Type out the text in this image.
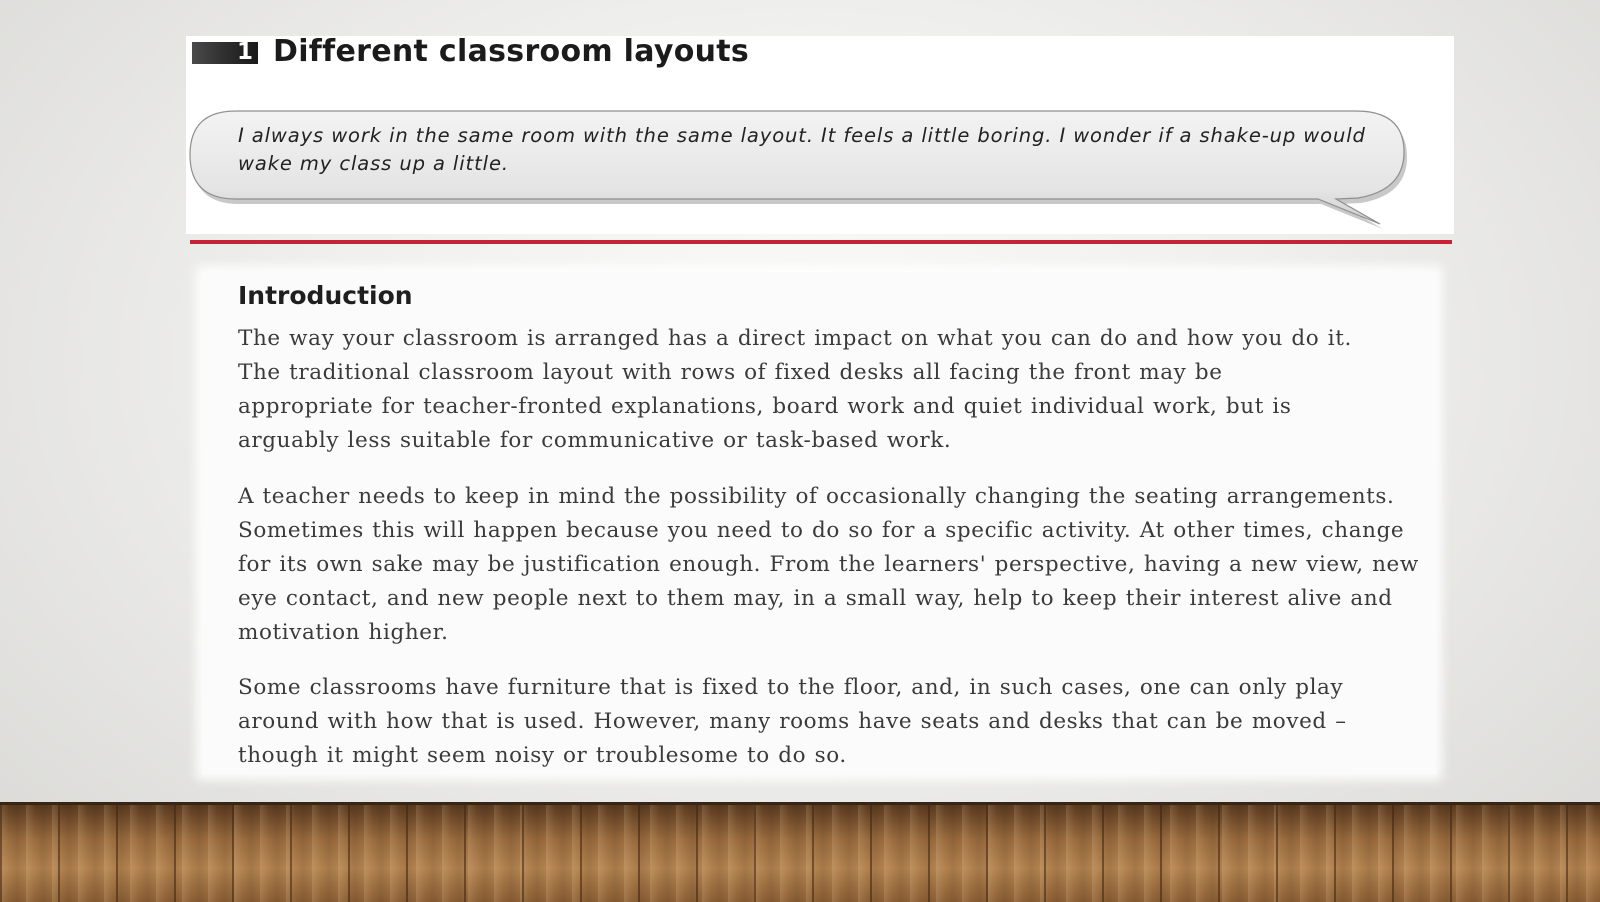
1 Different classroom layouts

I always work in the same room with the same layout. It feels a little boring. I wonder if a shake-up would wake my class up a little.

Introduction

The way your classroom is arranged has a direct impact on what you can do and how you do it. The traditional classroom layout with rows of fixed desks all facing the front may be appropriate for teacher-fronted explanations, board work and quiet individual work, but is arguably less suitable for communicative or task-based work.

A teacher needs to keep in mind the possibility of occasionally changing the seating arrangements. Sometimes this will happen because you need to do so for a specific activity. At other times, change for its own sake may be justification enough. From the learners' perspective, having a new view, new eye contact, and new people next to them may, in a small way, help to keep their interest alive and motivation higher.

Some classrooms have furniture that is fixed to the floor, and, in such cases, one can only play around with how that is used. However, many rooms have seats and desks that can be moved – though it might seem noisy or troublesome to do so.
